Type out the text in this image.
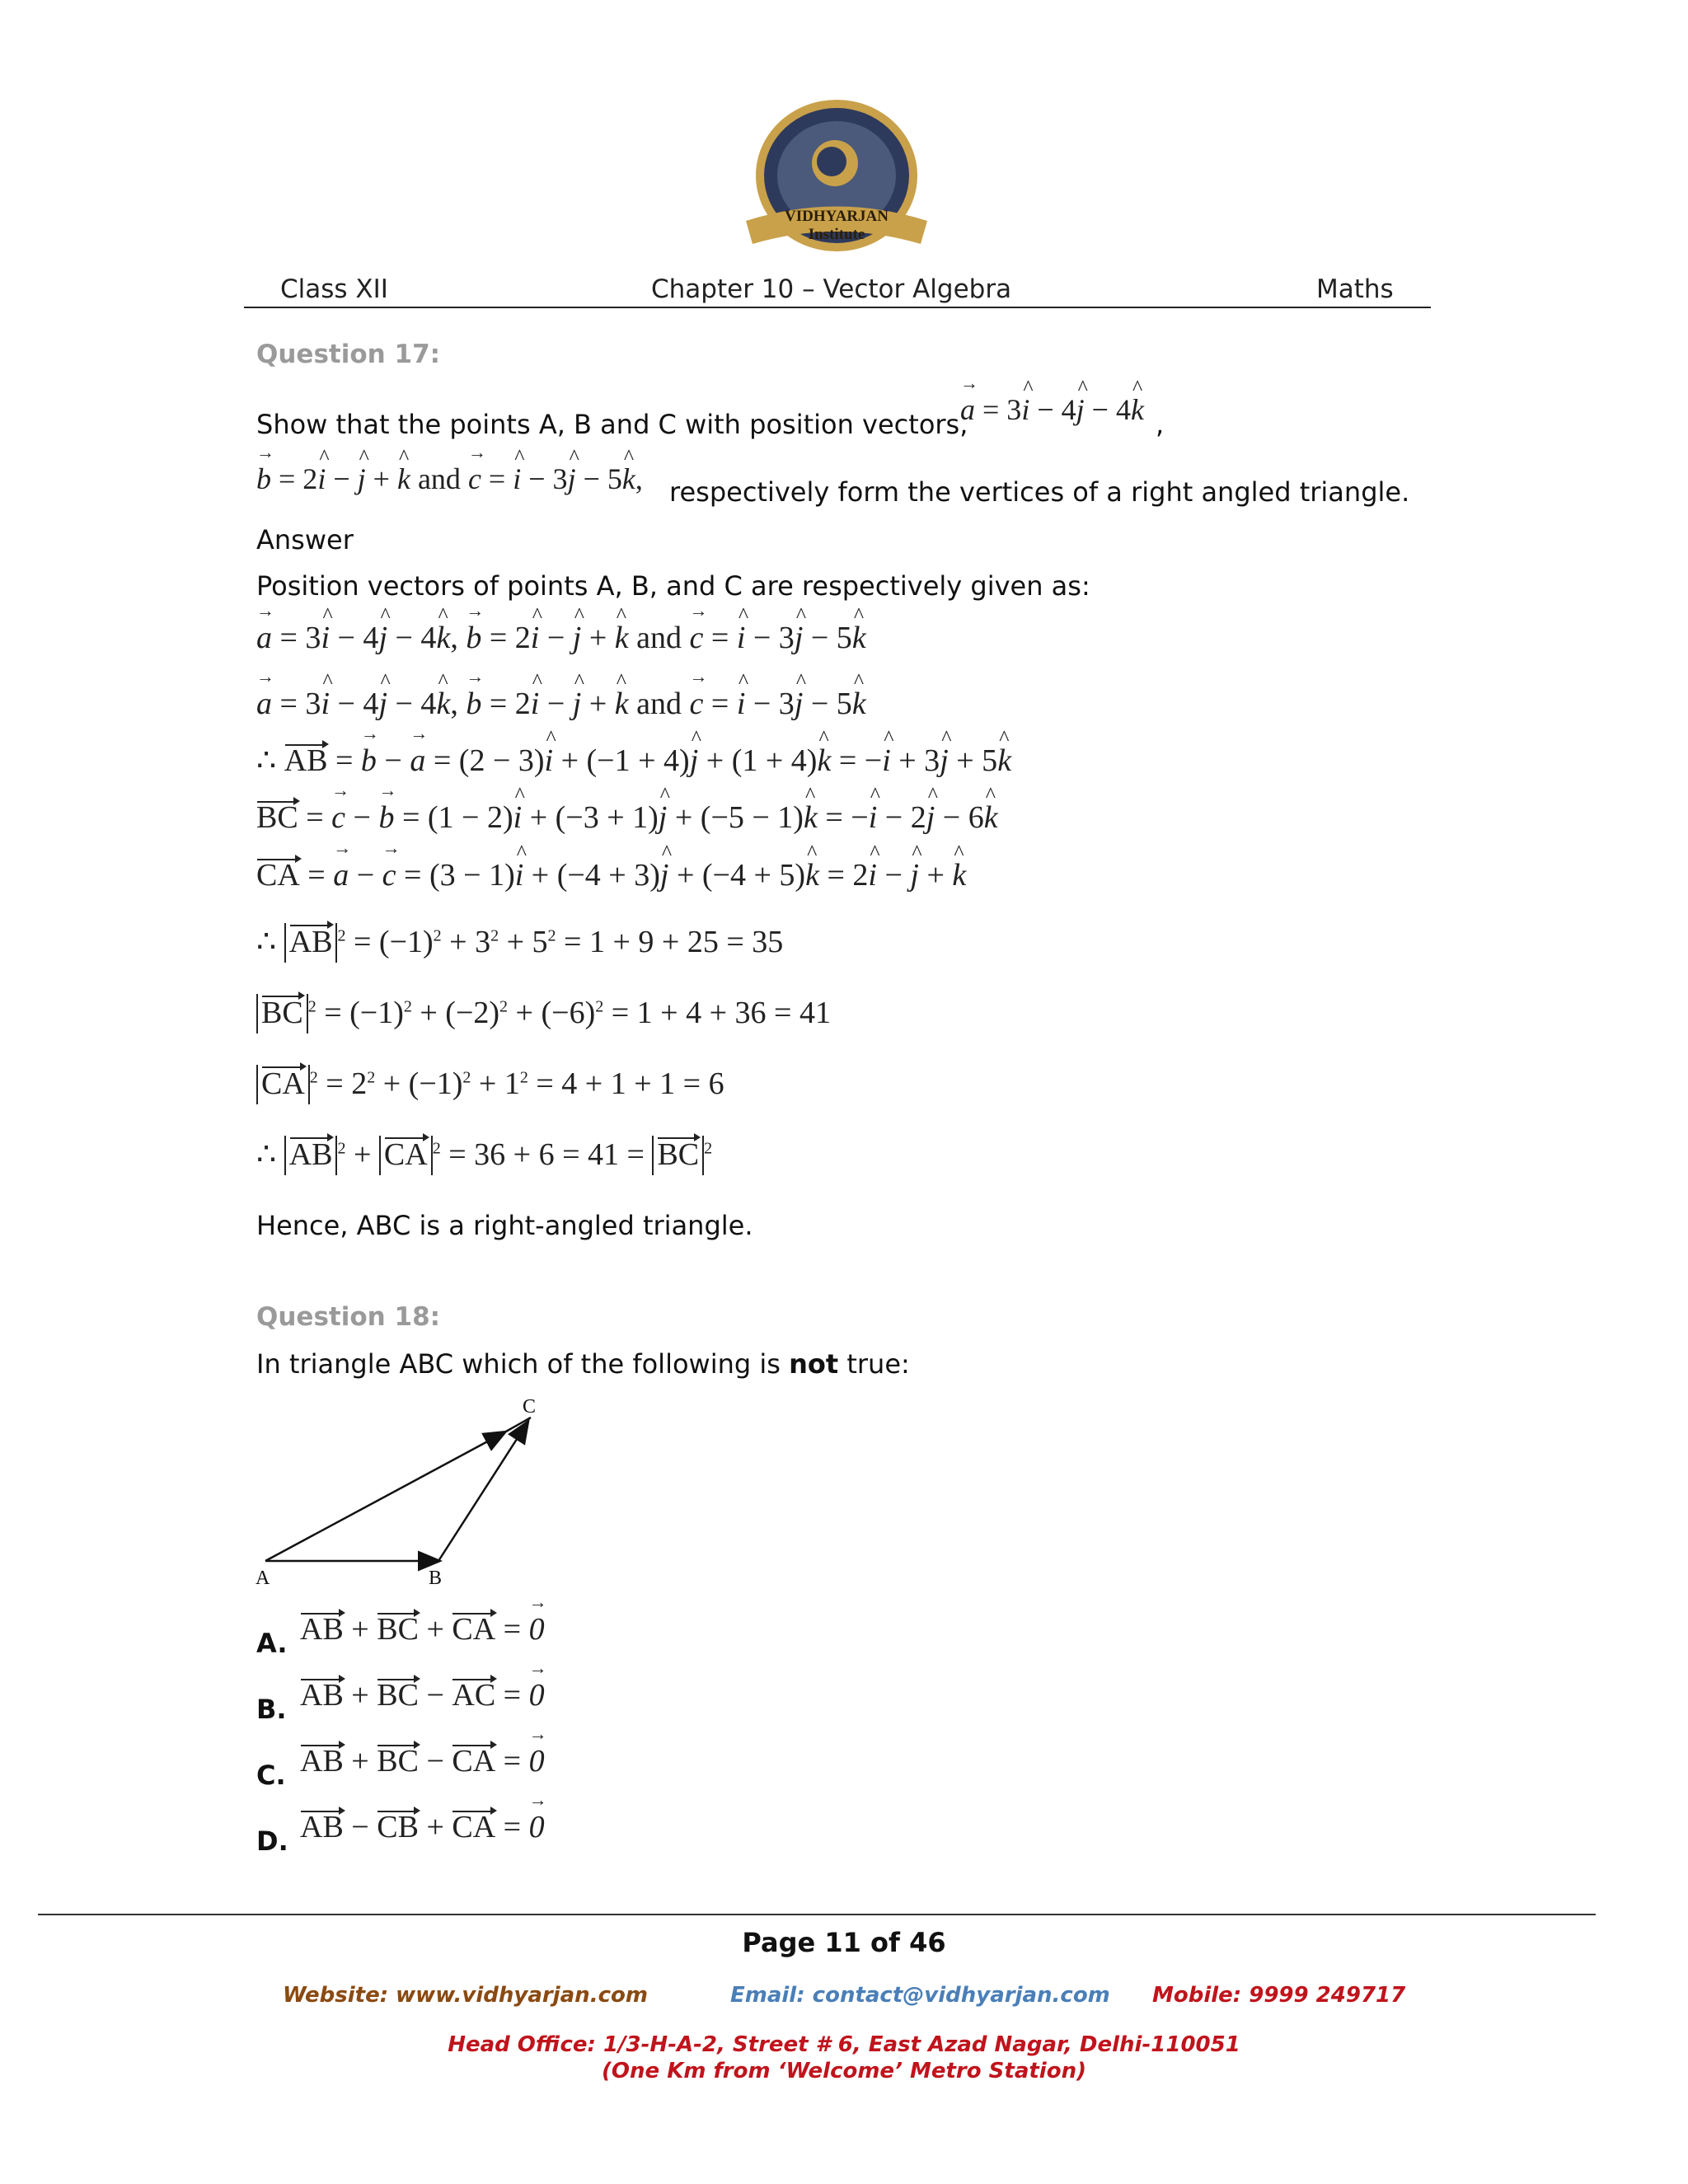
VIDHYARJAN Institute
Class XII	Chapter 10 – Vector Algebra	Maths
Question 17:
Show that the points A, B and C with position vectors,
→ a = 3^ i − 4^ j − 4^ k ,
→ b = 2^ i − ^ j + ^ k and → c = ^ i − 3^ j − 5^ k, respectively form the vertices of a right angled triangle.
Answer
Position vectors of points A, B, and C are respectively given as:
→ a = 3^ i − 4^ j − 4^ k, → b = 2^ i − ^ j + ^ k and → c = ^ i − 3^ j − 5^ k
→ a = 3^ i − 4^ j − 4^ k, → b = 2^ i − ^ j + ^ k and → c = ^ i − 3^ j − 5^ k
∴ AB = → b − → a = (2 − 3)^ i + (−1 + 4)^ j + (1 + 4)^ k = −^ i + 3^ j + 5^ k
BC = → c − → b = (1 − 2)^ i + (−3 + 1)^ j + (−5 − 1)^ k = −^ i − 2^ j − 6^ k
CA = → a − → c = (3 − 1)^ i + (−4 + 3)^ j + (−4 + 5)^ k = 2^ i − ^ j + ^ k
∴ AB $^2 = (-1)^2 + 3^2 + 5^2 = 1 + 9 + 25 = 35$
BC $^2 = (-1)^2 + (-2)^2 + (-6)^2 = 1 + 4 + 36 = 41$
CA $^2 = 2^2 + (-1)^2 + 1^2 = 4 + 1 + 1 = 6$
∴ AB $^2$ + CA $^2$ = 36 + 6 = 41 = BC $^2$
Hence, ABC is a right-angled triangle.
Question 18:
In triangle ABC which of the following is not true:
A	B
C
A. AB + BC + CA = → 0
B. AB + BC − AC = → 0
C. AB + BC − CA = → 0
D. AB − CB + CA = → 0
Page 11 of 46
Website: www.vidhyarjan.com	Email: contact@vidhyarjan.com Mobile: 9999 249717
Head Office: 1/3-H-A-2, Street # 6, East Azad Nagar, Delhi-110051
(One Km from ‘Welcome’ Metro Station)
